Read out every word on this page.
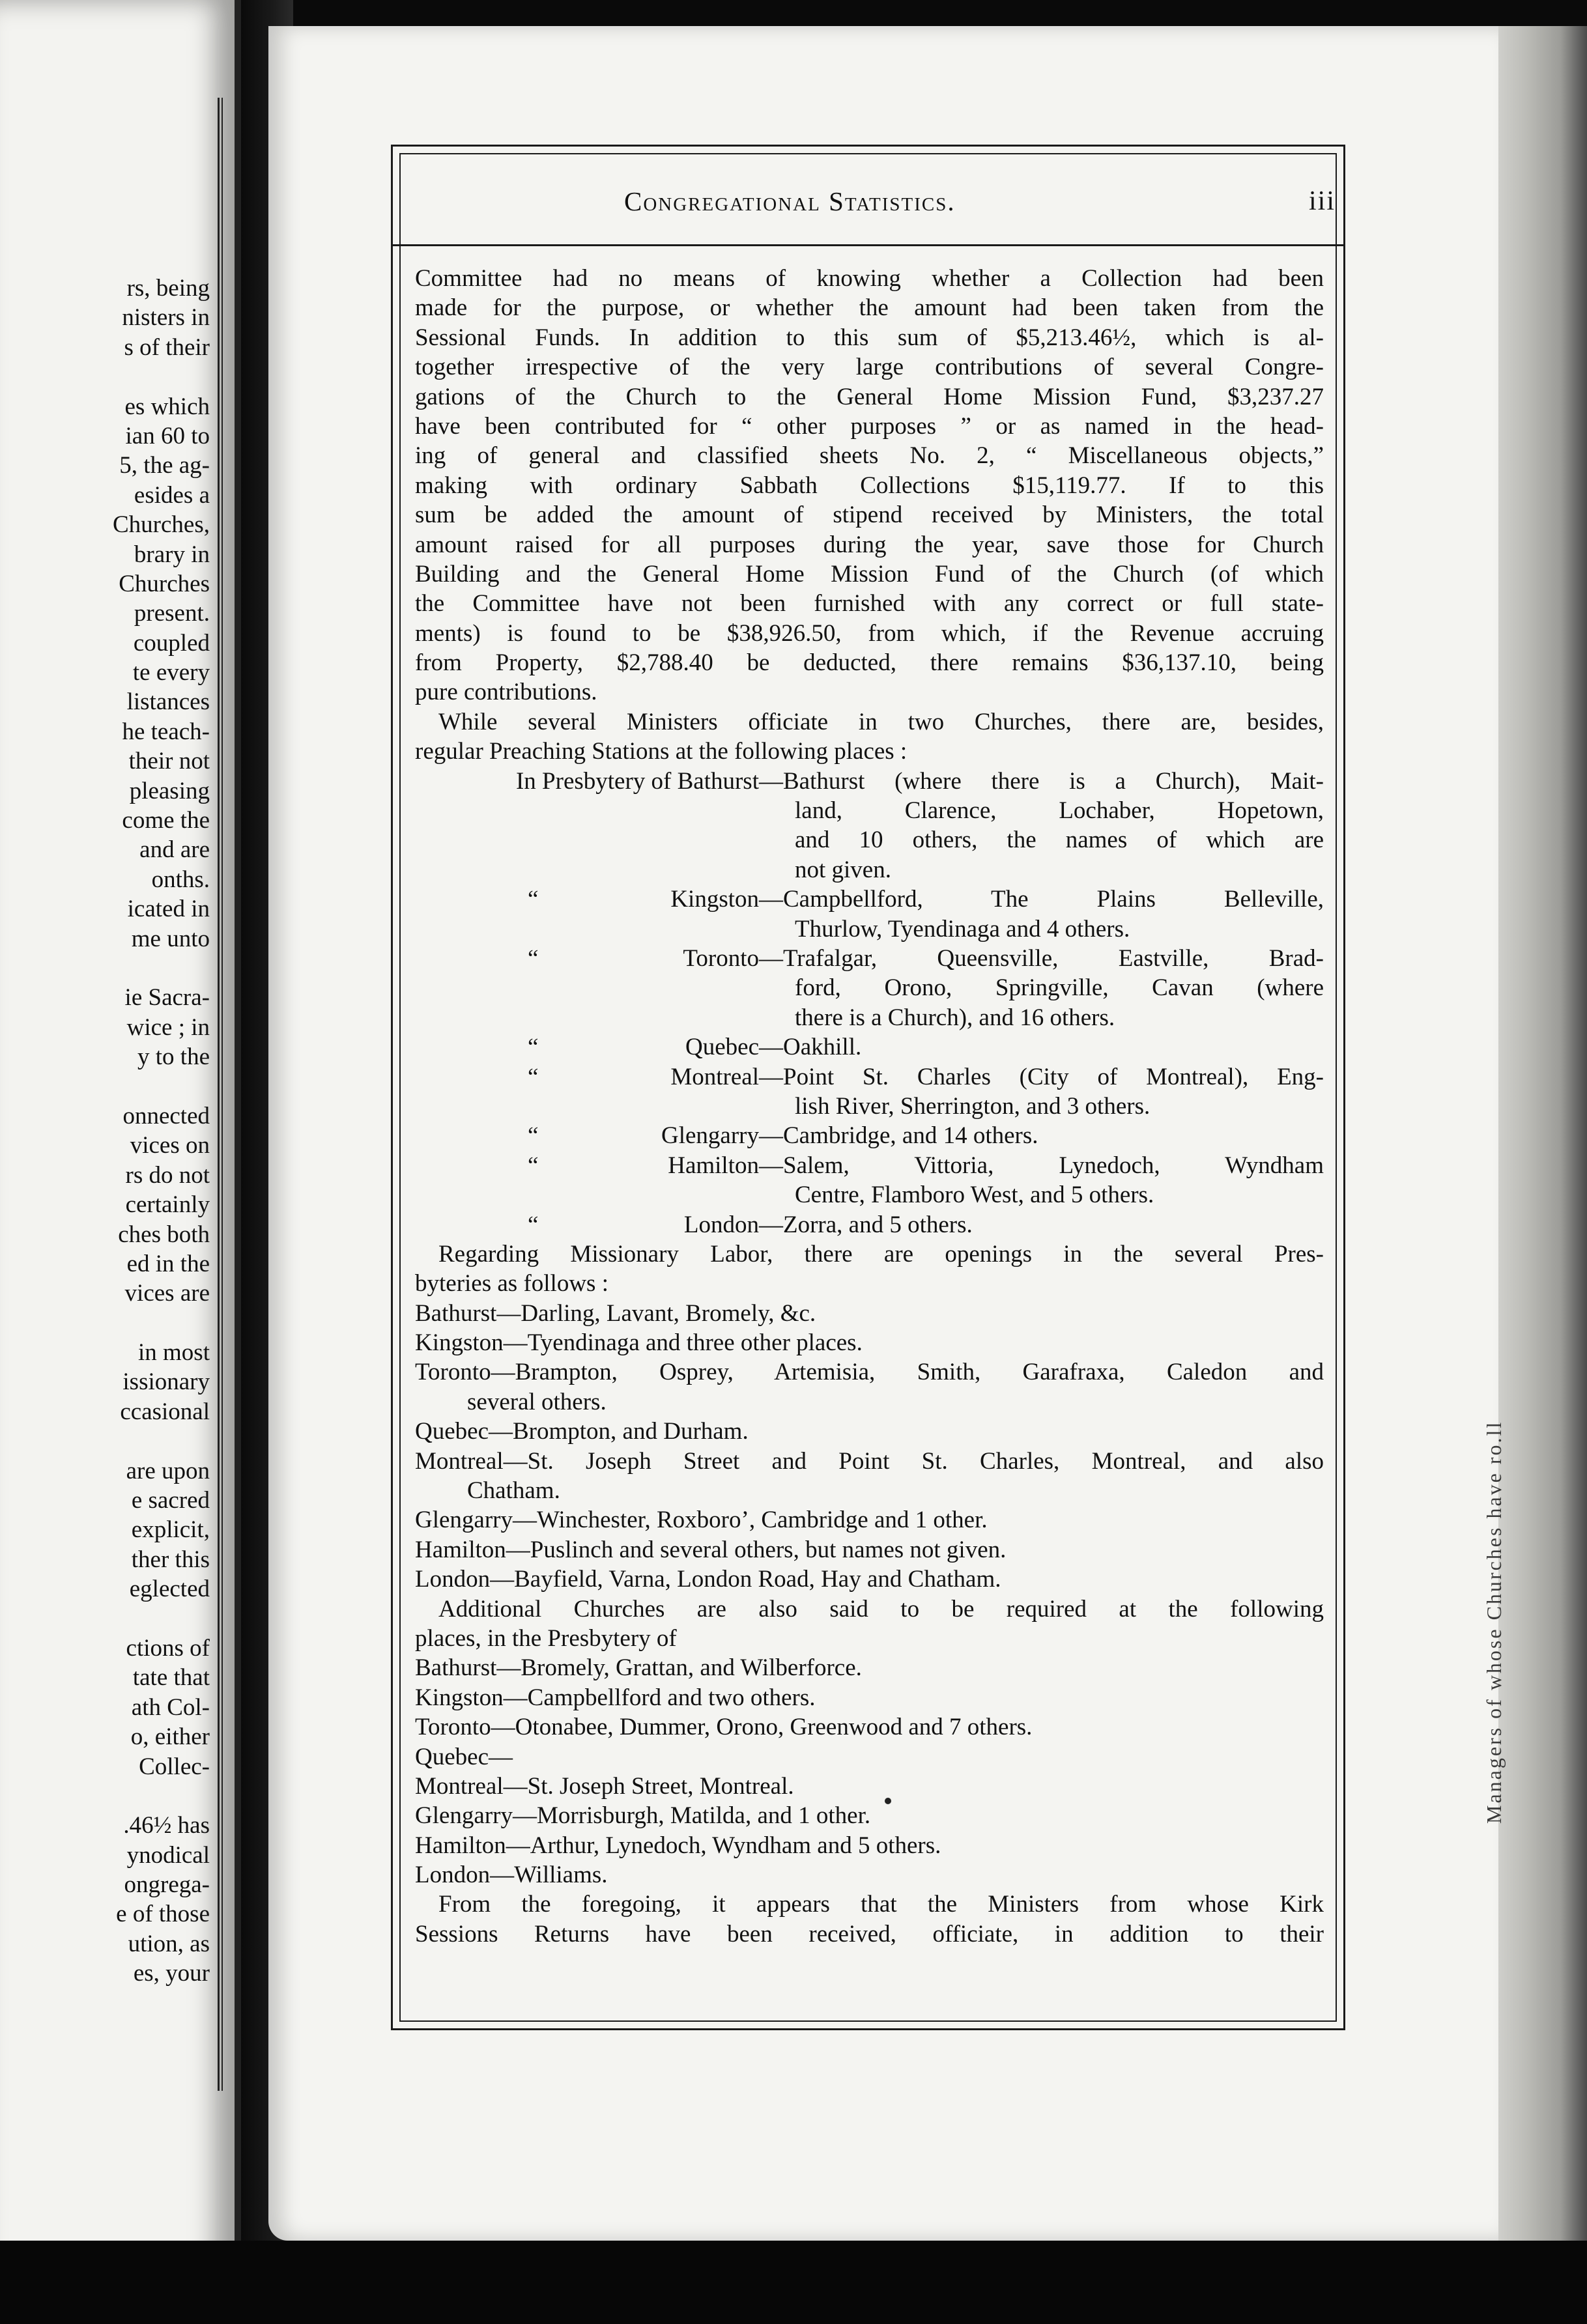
rs, being
nisters in
s of their
es which
ian 60 to
5, the ag-
esides a
Churches,
brary in
Churches
present.
coupled
te every
listances
he teach-
their not
pleasing
come the
and are
onths.
icated in
me unto
ie Sacra-
wice ; in
y to the
onnected
vices on
rs do not
certainly
ches both
ed in the
vices are
in most
issionary
ccasional
are upon
e sacred
explicit,
ther this
eglected
ctions of
tate that
ath Col-
o, either
Collec-
.46½ has
ynodical
ongrega-
e of those
ution, as
es, your
Managers of whose Churches have ro.ll
Congregational Statistics.	iii
Committee had no means of knowing whether a Collection had been
made for the purpose, or whether the amount had been taken from the
Sessional Funds. In addition to this sum of $5,213.46½, which is al-
together irrespective of the very large contributions of several Congre-
gations of the Church to the General Home Mission Fund, $3,237.27
have been contributed for “ other purposes ” or as named in the head-
ing of general and classified sheets No. 2, “ Miscellaneous objects,”
making with ordinary Sabbath Collections $15,119.77. If to this
sum be added the amount of stipend received by Ministers, the total
amount raised for all purposes during the year, save those for Church
Building and the General Home Mission Fund of the Church (of which
the Committee have not been furnished with any correct or full state-
ments) is found to be $38,926.50, from which, if the Revenue accruing
from Property, $2,788.40 be deducted, there remains $36,137.10, being
pure contributions.
While several Ministers officiate in two Churches, there are, besides,
regular Preaching Stations at the following places :
In Presbytery of Bathurst— Bathurst (where there is a Church), Mait-
land, Clarence, Lochaber, Hopetown,
and 10 others, the names of which are
not given.
“	Kingston— Campbellford, The Plains Belleville,
Thurlow, Tyendinaga and 4 others.
“	Toronto— Trafalgar, Queensville, Eastville, Brad-
ford, Orono, Springville, Cavan (where
there is a Church), and 16 others.
“	Quebec— Oakhill.
“	Montreal— Point St. Charles (City of Montreal), Eng-
lish River, Sherrington, and 3 others.
“	Glengarry— Cambridge, and 14 others.
“	Hamilton— Salem, Vittoria, Lynedoch, Wyndham
Centre, Flamboro West, and 5 others.
“	London— Zorra, and 5 others.
Regarding Missionary Labor, there are openings in the several Pres-
byteries as follows :
Bathurst—Darling, Lavant, Bromely, &c.
Kingston—Tyendinaga and three other places.
Toronto—Brampton, Osprey, Artemisia, Smith, Garafraxa, Caledon and
several others.
Quebec—Brompton, and Durham.
Montreal—St. Joseph Street and Point St. Charles, Montreal, and also
Chatham.
Glengarry—Winchester, Roxboro’, Cambridge and 1 other.
Hamilton—Puslinch and several others, but names not given.
London—Bayfield, Varna, London Road, Hay and Chatham.
Additional Churches are also said to be required at the following
places, in the Presbytery of
Bathurst—Bromely, Grattan, and Wilberforce.
Kingston—Campbellford and two others.
Toronto—Otonabee, Dummer, Orono, Greenwood and 7 others.
Quebec—
Montreal—St. Joseph Street, Montreal.
Glengarry—Morrisburgh, Matilda, and 1 other.
Hamilton—Arthur, Lynedoch, Wyndham and 5 others.
London—Williams.
From the foregoing, it appears that the Ministers from whose Kirk
Sessions Returns have been received, officiate, in addition to their
